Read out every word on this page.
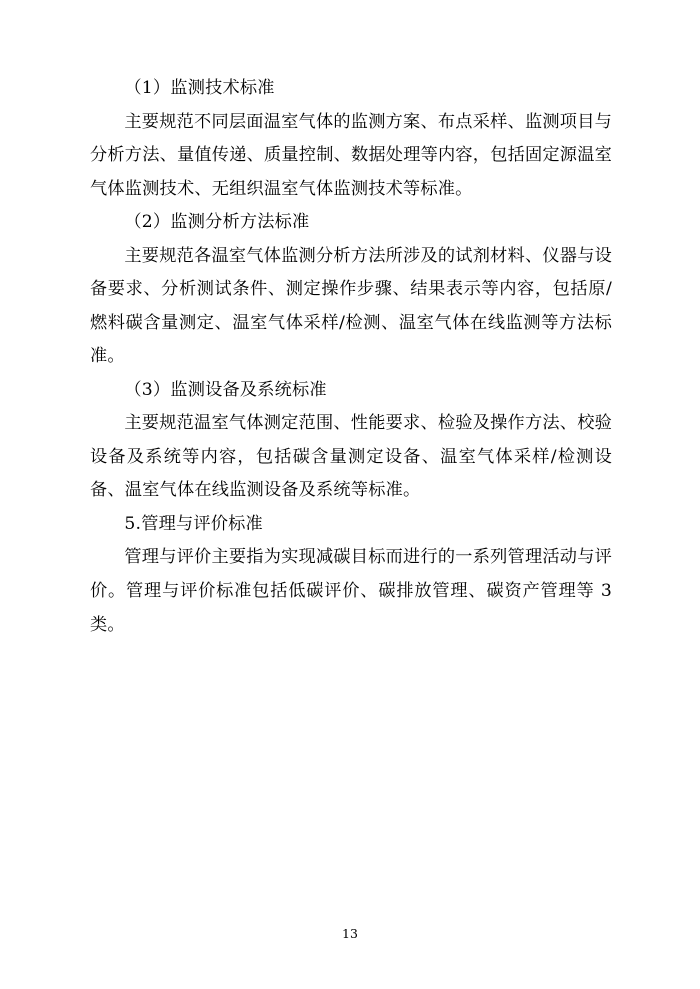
（1）监测技术标准

主要规范不同层面温室气体的监测方案、布点采样、监测项目与分析方法、量值传递、质量控制、数据处理等内容，包括固定源温室气体监测技术、无组织温室气体监测技术等标准。

（2）监测分析方法标准

主要规范各温室气体监测分析方法所涉及的试剂材料、仪器与设备要求、分析测试条件、测定操作步骤、结果表示等内容，包括原/燃料碳含量测定、温室气体采样/检测、温室气体在线监测等方法标准。

（3）监测设备及系统标准

主要规范温室气体测定范围、性能要求、检验及操作方法、校验设备及系统等内容，包括碳含量测定设备、温室气体采样/检测设备、温室气体在线监测设备及系统等标准。

5.管理与评价标准

管理与评价主要指为实现减碳目标而进行的一系列管理活动与评价。管理与评价标准包括低碳评价、碳排放管理、碳资产管理等 3 类。

13
